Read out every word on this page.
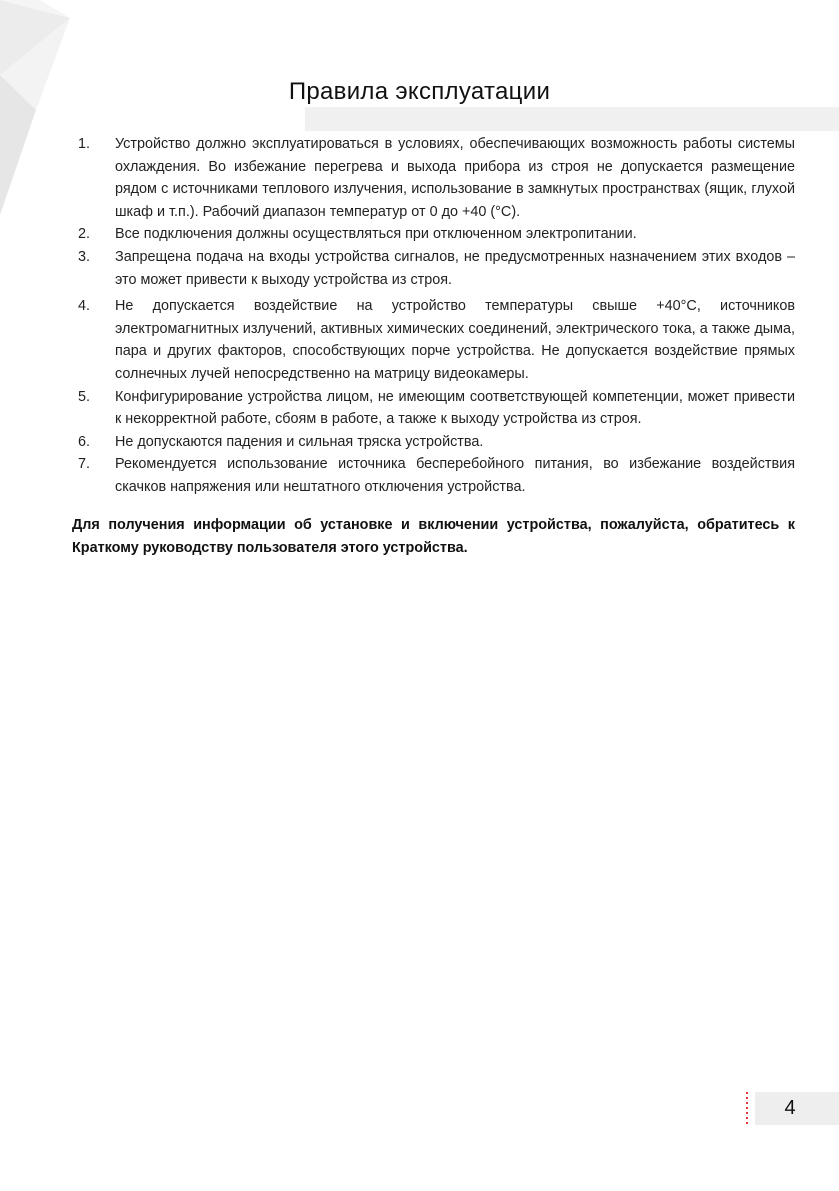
Правила эксплуатации
1.	Устройство должно эксплуатироваться в условиях, обеспечивающих возможность работы системы охлаждения. Во избежание перегрева и выхода прибора из строя не допускается размещение рядом с источниками теплового излучения, использование в замкнутых пространствах (ящик, глухой шкаф и т.п.). Рабочий диапазон температур от 0 до +40 (°C).
2.	Все подключения должны осуществляться при отключенном электропитании.
3.	Запрещена подача на входы устройства сигналов, не предусмотренных назначением этих входов – это может привести к выходу устройства из строя.
4.	Не допускается воздействие на устройство температуры свыше +40°C, источников электромагнитных излучений, активных химических соединений, электрического тока, а также дыма, пара и других факторов, способствующих порче устройства. Не допускается воздействие прямых солнечных лучей непосредственно на матрицу видеокамеры.
5.	Конфигурирование устройства лицом, не имеющим соответствующей компетенции, может привести к некорректной работе, сбоям в работе, а также к выходу устройства из строя.
6.	Не допускаются падения и сильная тряска устройства.
7.	Рекомендуется использование источника бесперебойного питания, во избежание воздействия скачков напряжения или нештатного отключения устройства.

Для получения информации об установке и включении устройства, пожалуйста, обратитесь к Краткому руководству пользователя этого устройства.

4
